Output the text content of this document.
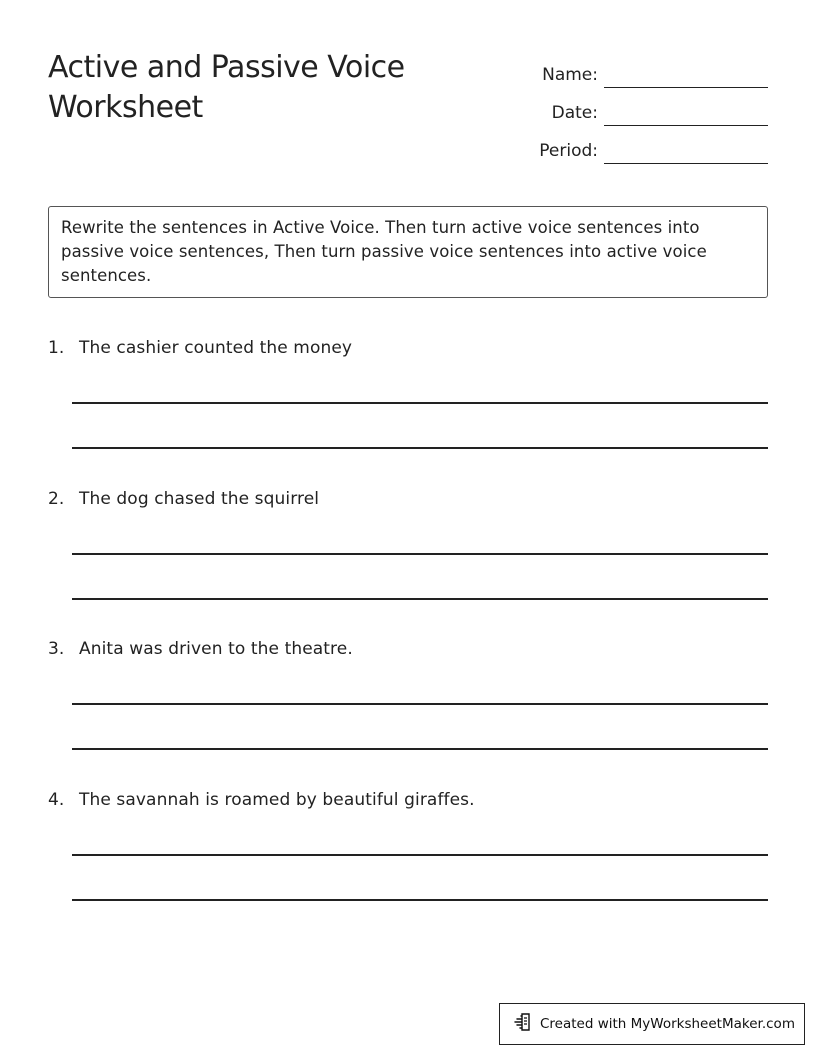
Active and Passive Voice Worksheet
Name:
Date:
Period:
Rewrite the sentences in Active Voice. Then turn active voice sentences into passive voice sentences, Then turn passive voice sentences into active voice sentences.
1. The cashier counted the money
2. The dog chased the squirrel
3. Anita was driven to the theatre.
4. The savannah is roamed by beautiful giraffes.
Created with MyWorksheetMaker.com
